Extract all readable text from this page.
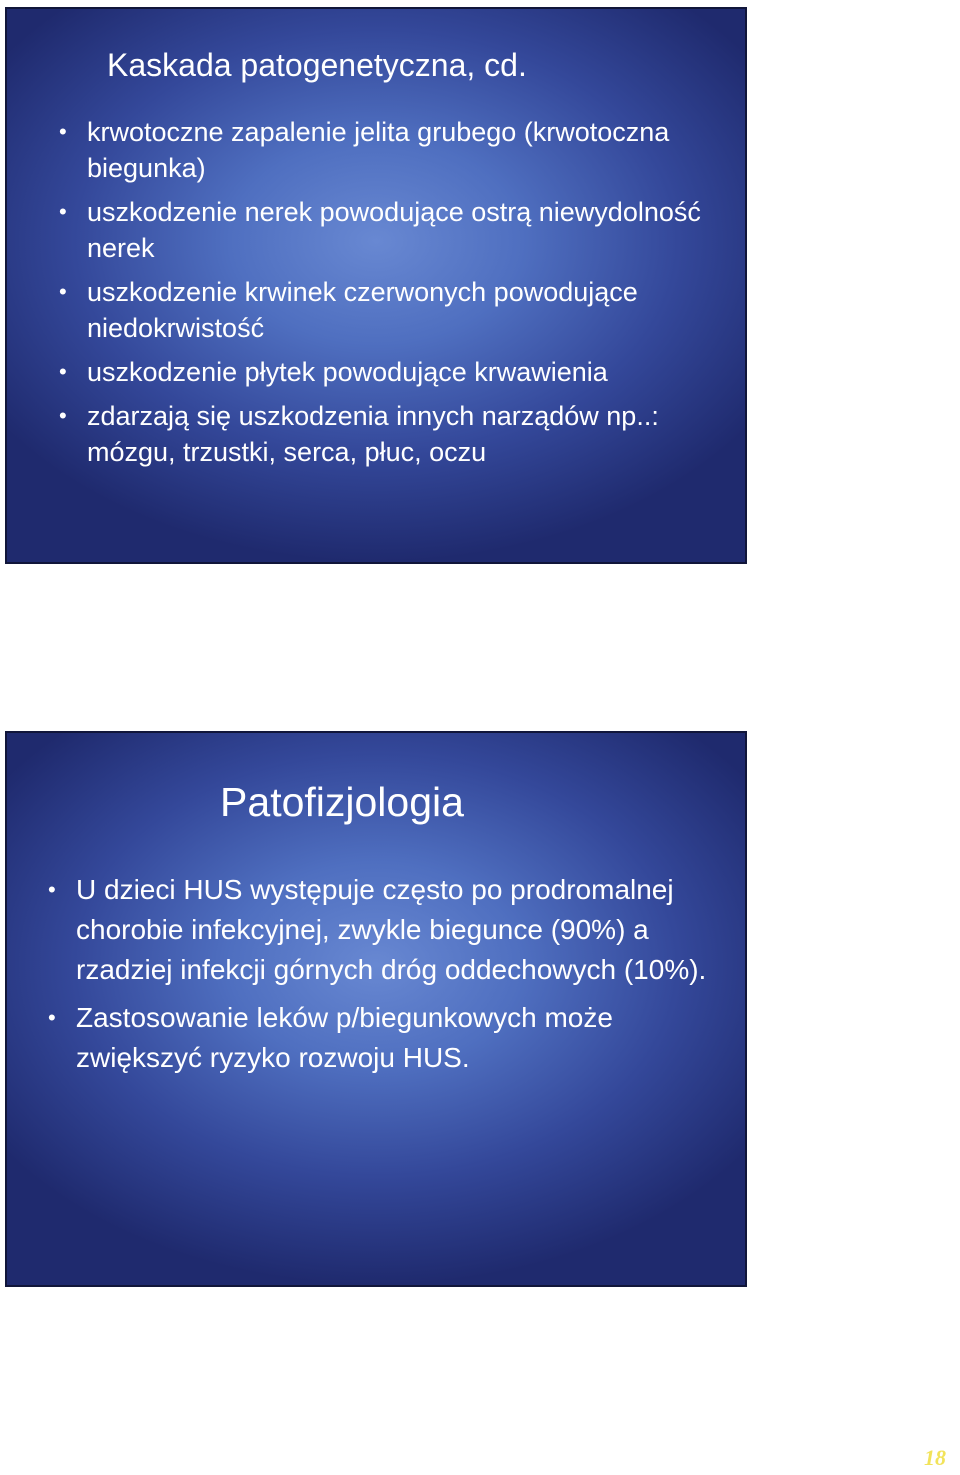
Kaskada patogenetyczna, cd.
• krwotoczne zapalenie jelita grubego (krwotoczna biegunka)
• uszkodzenie nerek powodujące ostrą niewydolność nerek
• uszkodzenie krwinek czerwonych powodujące niedokrwistość
• uszkodzenie płytek powodujące krwawienia
• zdarzają się uszkodzenia innych narządów np..: mózgu, trzustki, serca, płuc, oczu
Patofizjologia
• U dzieci HUS występuje często po prodromalnej chorobie infekcyjnej, zwykle biegunce (90%) a rzadziej infekcji górnych dróg oddechowych (10%).
• Zastosowanie leków p/biegunkowych może zwiększyć ryzyko rozwoju HUS.
18
